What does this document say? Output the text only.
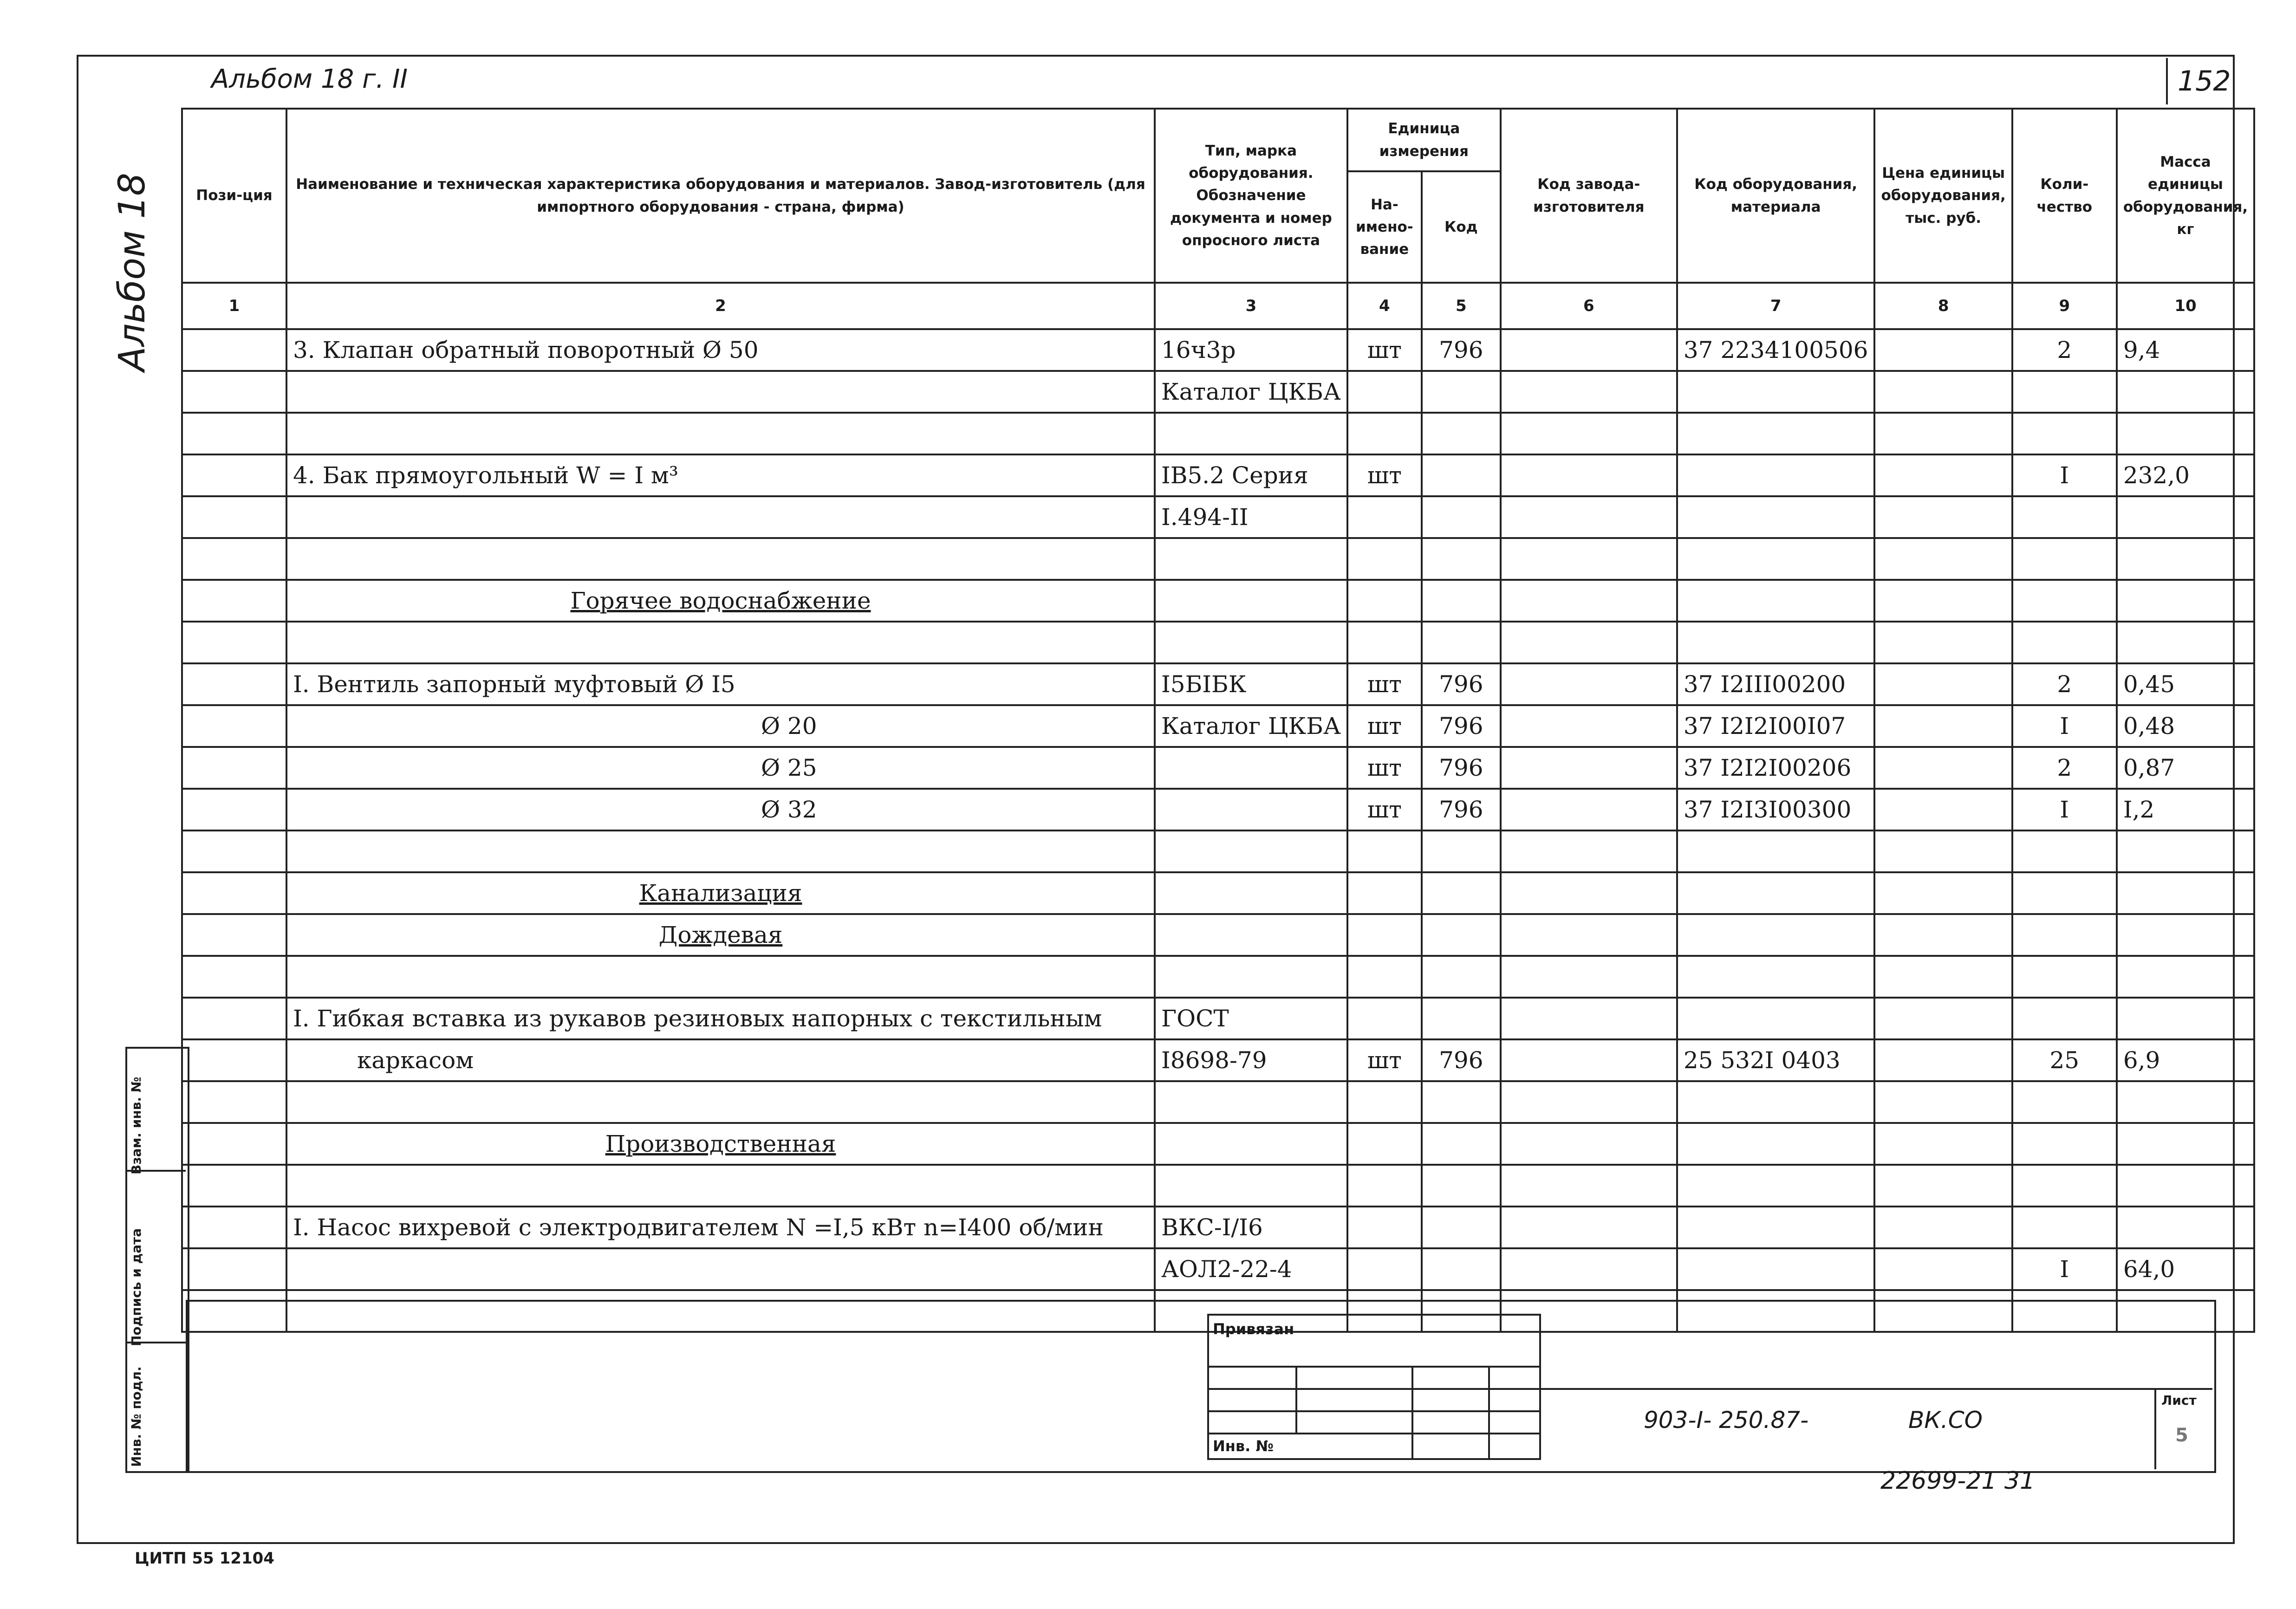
152
Альбом 18 г. II
Альбом 18
Взам. инв. №
Подпись и дата
Инв. № подл.
Пози-ция	Наименование и техническая характеристика оборудования и материалов. Завод-изготовитель (для импортного оборудования - страна, фирма)	Тип, марка оборудования. Обозначение документа и номер опросного листа	Единица измерения		Код завода-изготовителя	Код оборудования, материала	Цена единицы оборудования, тыс. руб.	Коли-чество	Масса единицы оборудования, кг
			На-имено-вание	Код					
1	2	3	4	5	6	7	8	9	10
	3. Клапан обратный поворотный Ø 50	16ч3р	шт	796		37 2234100506		2	9,4
		Каталог ЦКБА							

	4. Бак прямоугольный W = I м³	IB5.2 Серия	шт					I	232,0
		I.494-II							

	Горячее водоснабжение								

	I. Вентиль запорный муфтовый Ø I5	I5БIБК	шт	796		37 I2III00200		2	0,45
	Ø 20	Каталог ЦКБА	шт	796		37 I2I2I00I07		I	0,48
	Ø 25		шт	796		37 I2I2I00206		2	0,87
	Ø 32		шт	796		37 I2I3I00300		I	I,2

	Канализация								
	Дождевая								

	I. Гибкая вставка из рукавов резиновых напорных с текстильным	ГОСТ							
	каркасом	I8698-79	шт	796		25 532I 0403		25	6,9

	Производственная								

	I. Насос вихревой с электродвигателем N =I,5 кВт n=I400 об/мин	ВКС-I/I6							
		АОЛ2-22-4						I	64,0

Привязан			

Инв. №			
903-I- 250.87-	ВК.СО
Лист
5
22699-21 31
ЦИТП 55 12104
